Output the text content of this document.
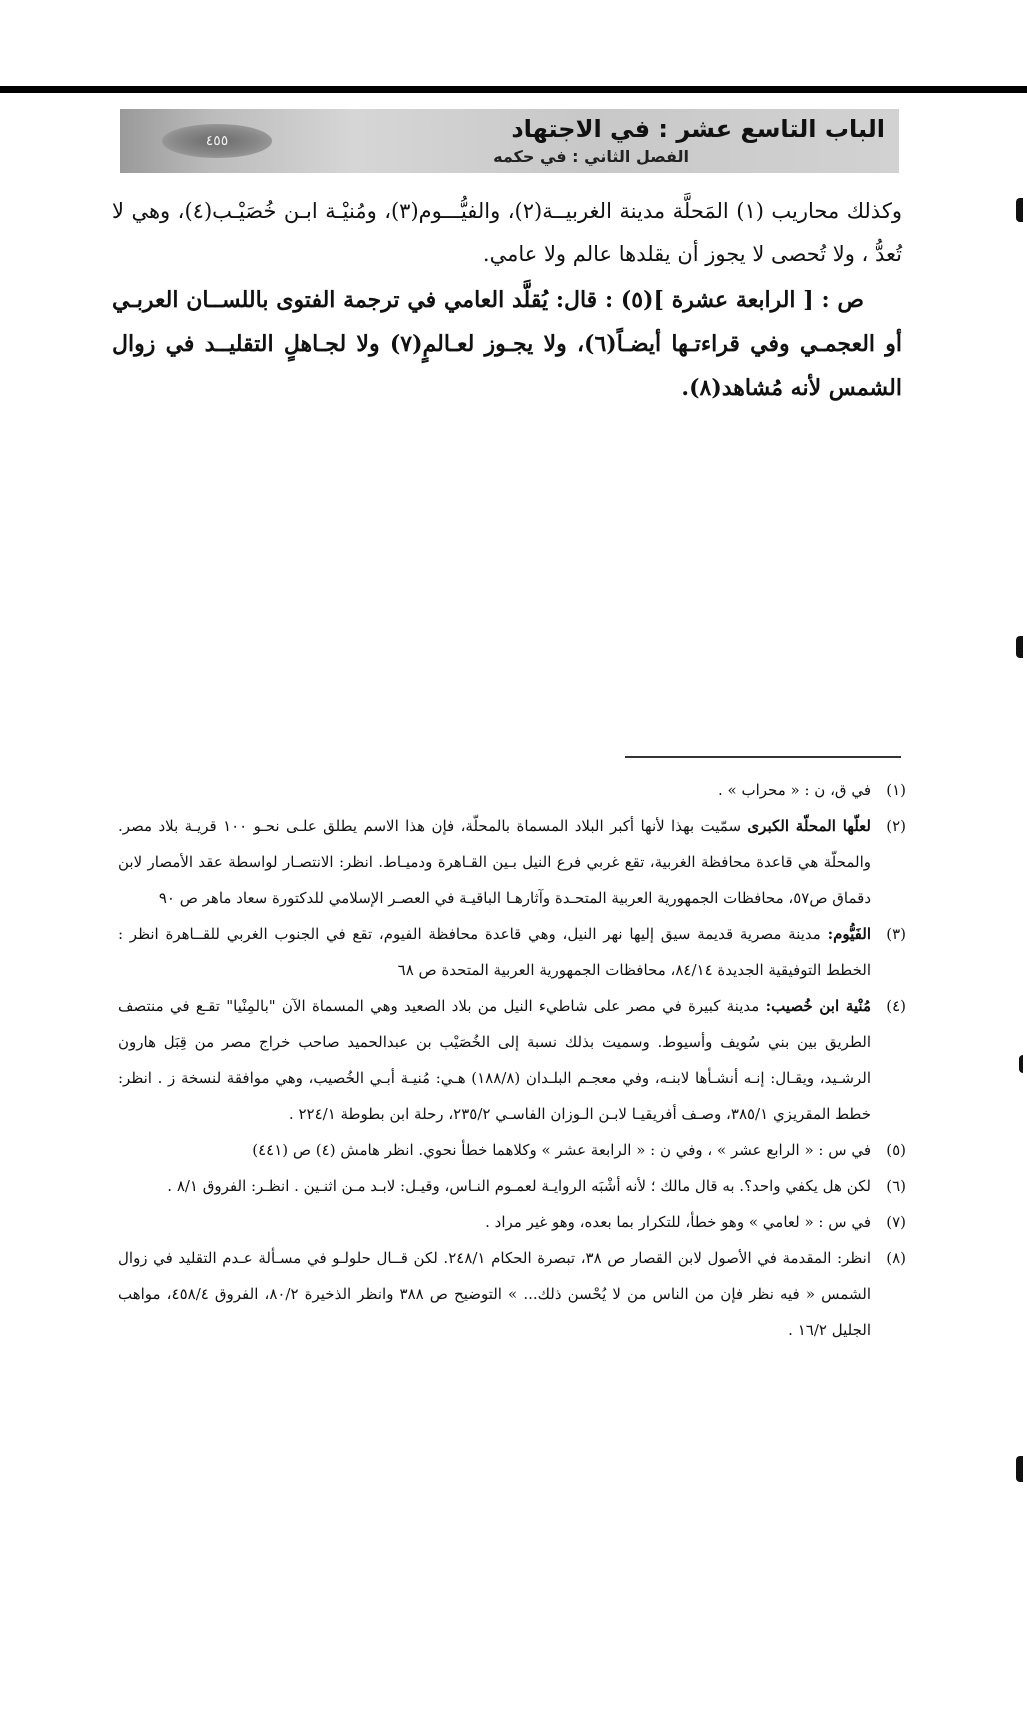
٤٥٥	الباب التاسع عشر : في الاجتهاد
الفصل الثاني : في حكمه

وكذلك محاريب (١) المَحلَّة مدينة الغربيــة(٢)، والفيُّـــوم(٣)، ومُنيْـة ابـن خُصَيْـب(٤)، وهي لا تُعدُّ ، ولا تُحصى لا يجوز أن يقلدها عالم ولا عامي.

ص : [ الرابعة عشرة ](٥) : قال: يُقلَّد العامي في ترجمة الفتوى باللســان العربـي أو العجمـي وفي قراءتـها أيضـاً(٦)، ولا يجـوز لعـالمٍ(٧) ولا لجـاهلٍ التقليــد في زوال الشمس لأنه مُشاهد(٨).

(١)
في ق، ن : « محراب » .

(٢)
لعلّها المحلّة الكبرى سمّيت بهذا لأنها أكبر البلاد المسماة بالمحلّة، فإن هذا الاسم يطلق علـى نحـو ١٠٠ قريـة بلاد مصر. والمحلّة هي قاعدة محافظة الغربية، تقع غربي فرع النيل بـين القـاهرة ودميـاط. انظر: الانتصـار لواسطة عقد الأمصار لابن دقماق ص٥٧، محافظات الجمهورية العربية المتحـدة وآثارهـا الباقيـة في العصـر الإسلامي للدكتورة سعاد ماهر ص ٩٠

(٣)
الفَيُّوم: مدينة مصرية قديمة سيق إليها نهر النيل، وهي قاعدة محافظة الفيوم، تقع في الجنوب الغربي للقــاهرة انظر : الخطط التوفيقية الجديدة ٨٤/١٤، محافظات الجمهورية العربية المتحدة ص ٦٨

(٤)
مُنْية ابن خُصيب: مدينة كبيرة في مصر على شاطيء النيل من بلاد الصعيد وهي المسماة الآن "بالمِنْيا" تقـع في منتصف الطريق بين بني سُويف وأسيوط. وسميت بذلك نسبة إلى الخُصَيْب بن عبدالحميد صاحب خراج مصر من قِبَل هارون الرشـيد، ويقـال: إنـه أنشـأها لابنـه، وفي معجـم البلـدان (١٨٨/٨) هـي: مُنيـة أبـي الخُصيب، وهي موافقة لنسخة ز . انظر: خطط المقريزي ٣٨٥/١، وصـف أفريقيـا لابـن الـوزان الفاسـي ٢٣٥/٢، رحلة ابن بطوطة ٢٢٤/١ .

(٥)
في س : « الرابع عشر » ، وفي ن : « الرابعة عشر » وكلاهما خطأ نحوي. انظر هامش (٤) ص (٤٤١)

(٦)
لكن هل يكفي واحد؟. به قال مالك ؛ لأنه أشْبَه الروايـة لعمـوم النـاس، وقيـل: لابـد مـن اثنـين . انظـر: الفروق ٨/١ .

(٧)
في س : « لعامي » وهو خطأ، للتكرار بما بعده، وهو غير مراد .

(٨)
انظر: المقدمة في الأصول لابن القصار ص ٣٨، تبصرة الحكام ٢٤٨/١. لكن قــال حلولـو في مسـألة عـدم التقليد في زوال الشمس « فيه نظر فإن من الناس من لا يُحْسن ذلك... » التوضيح ص ٣٨٨ وانظر الذخيرة ٨٠/٢، الفروق ٤٥٨/٤، مواهب الجليل ١٦/٢ .
